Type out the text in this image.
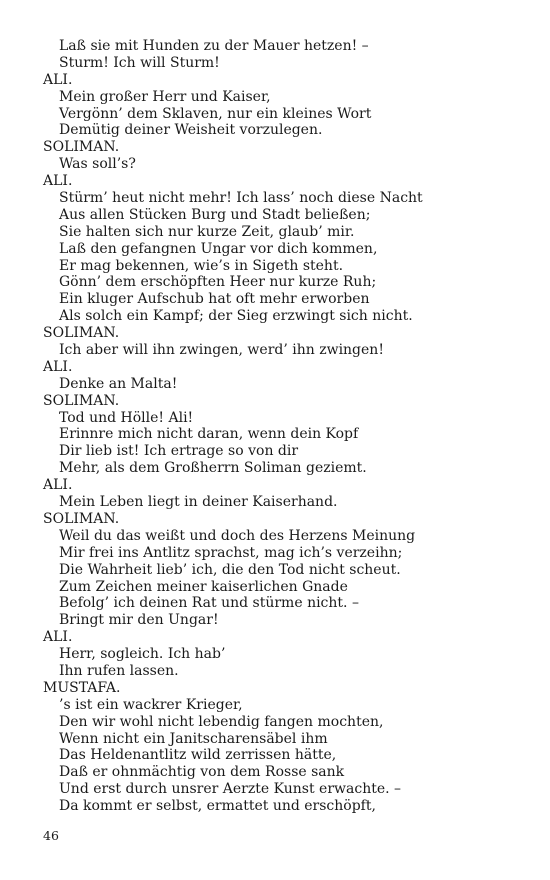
Laß sie mit Hunden zu der Mauer hetzen! –
Sturm! Ich will Sturm!
ALI.
Mein großer Herr und Kaiser,
Vergönn’ dem Sklaven, nur ein kleines Wort
Demütig deiner Weisheit vorzulegen.
SOLIMAN.
Was soll’s?
ALI.
Stürm’ heut nicht mehr! Ich lass’ noch diese Nacht
Aus allen Stücken Burg und Stadt beließen;
Sie halten sich nur kurze Zeit, glaub’ mir.
Laß den gefangnen Ungar vor dich kommen,
Er mag bekennen, wie’s in Sigeth steht.
Gönn’ dem erschöpften Heer nur kurze Ruh;
Ein kluger Aufschub hat oft mehr erworben
Als solch ein Kampf; der Sieg erzwingt sich nicht.
SOLIMAN.
Ich aber will ihn zwingen, werd’ ihn zwingen!
ALI.
Denke an Malta!
SOLIMAN.
Tod und Hölle! Ali!
Erinnre mich nicht daran, wenn dein Kopf
Dir lieb ist! Ich ertrage so von dir
Mehr, als dem Großherrn Soliman geziemt.
ALI.
Mein Leben liegt in deiner Kaiserhand.
SOLIMAN.
Weil du das weißt und doch des Herzens Meinung
Mir frei ins Antlitz sprachst, mag ich’s verzeihn;
Die Wahrheit lieb’ ich, die den Tod nicht scheut.
Zum Zeichen meiner kaiserlichen Gnade
Befolg’ ich deinen Rat und stürme nicht. –
Bringt mir den Ungar!
ALI.
Herr, sogleich. Ich hab’
Ihn rufen lassen.
MUSTAFA.
’s ist ein wackrer Krieger,
Den wir wohl nicht lebendig fangen mochten,
Wenn nicht ein Janitscharensäbel ihm
Das Heldenantlitz wild zerrissen hätte,
Daß er ohnmächtig von dem Rosse sank
Und erst durch unsrer Aerzte Kunst erwachte. –
Da kommt er selbst, ermattet und erschöpft,
46
